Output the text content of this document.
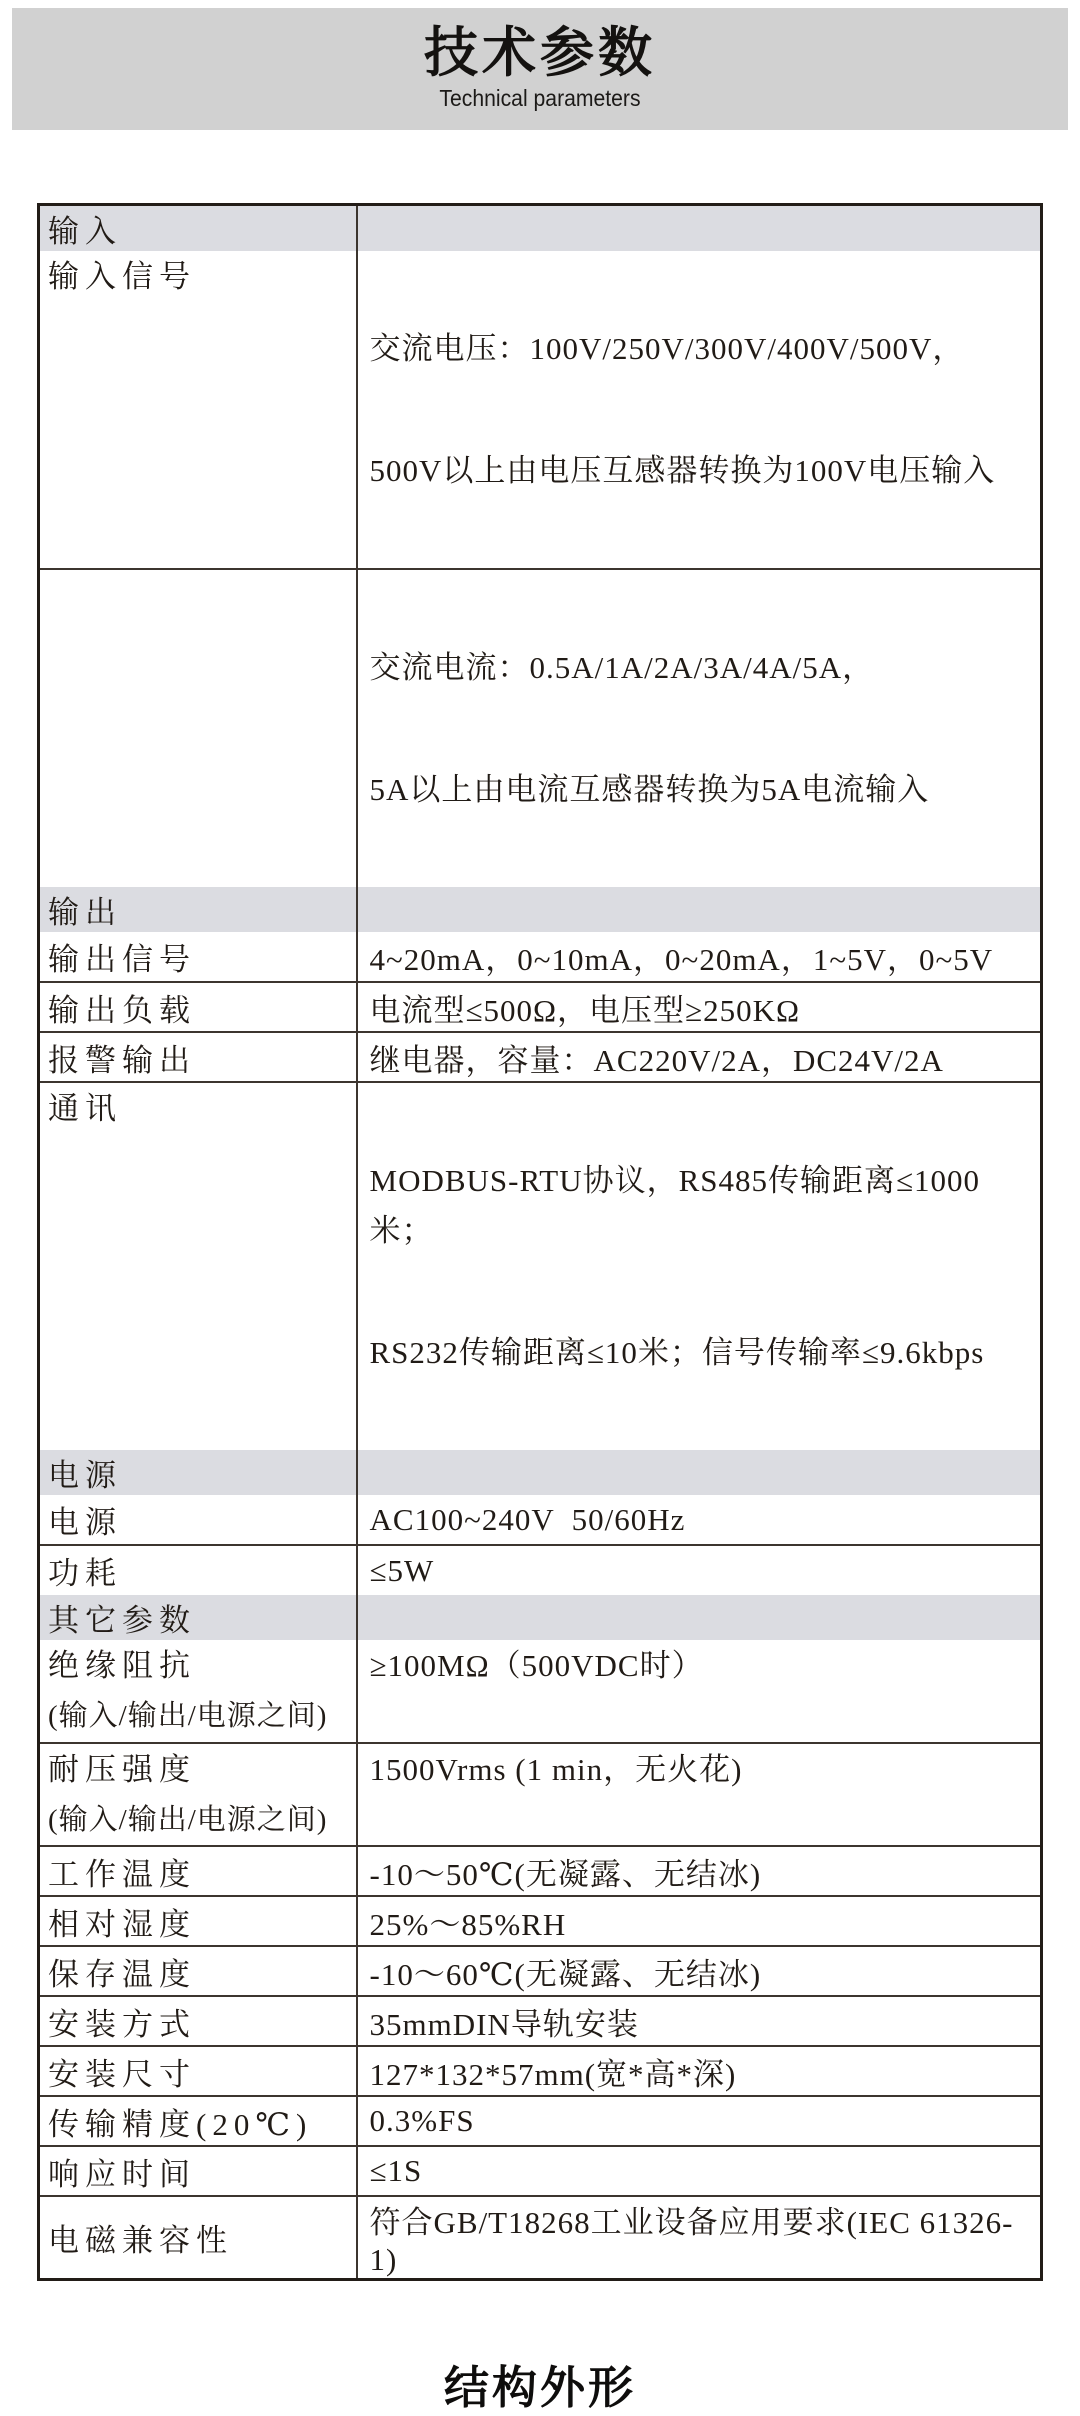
技术参数
Technical parameters
输入	

输入信号	交流电压：100V/250V/300V/400V/500V，

500V以上由电压互感器转换为100V电压输入

	交流电流：0.5A/1A/2A/3A/4A/5A，

5A以上由电流互感器转换为5A电流输入

输出	

输出信号	4~20mA，0~10mA，0~20mA，1~5V，0~5V

输出负载	电流型≤500Ω，电压型≥250KΩ

报警输出	继电器，容量：AC220V/2A，DC24V/2A

通讯	MODBUS-RTU协议，RS485传输距离≤1000米；

RS232传输距离≤10米；信号传输率≤9.6kbps

电源	

电源	AC100~240V  50/60Hz

功耗	≤5W

其它参数	

绝缘阻抗
(输入/输出/电源之间)	≥100MΩ（500VDC时）

耐压强度
(输入/输出/电源之间)	1500Vrms (1 min，无火花)

工作温度	-10～50℃(无凝露、无结冰)

相对湿度	25%～85%RH

保存温度	-10～60℃(无凝露、无结冰)

安装方式	35mmDIN导轨安装

安装尺寸	127*132*57mm(宽*高*深)

传输精度(20℃)	0.3%FS

响应时间	≤1S

电磁兼容性	符合GB/T18268工业设备应用要求(IEC 61326-1)
结构外形
